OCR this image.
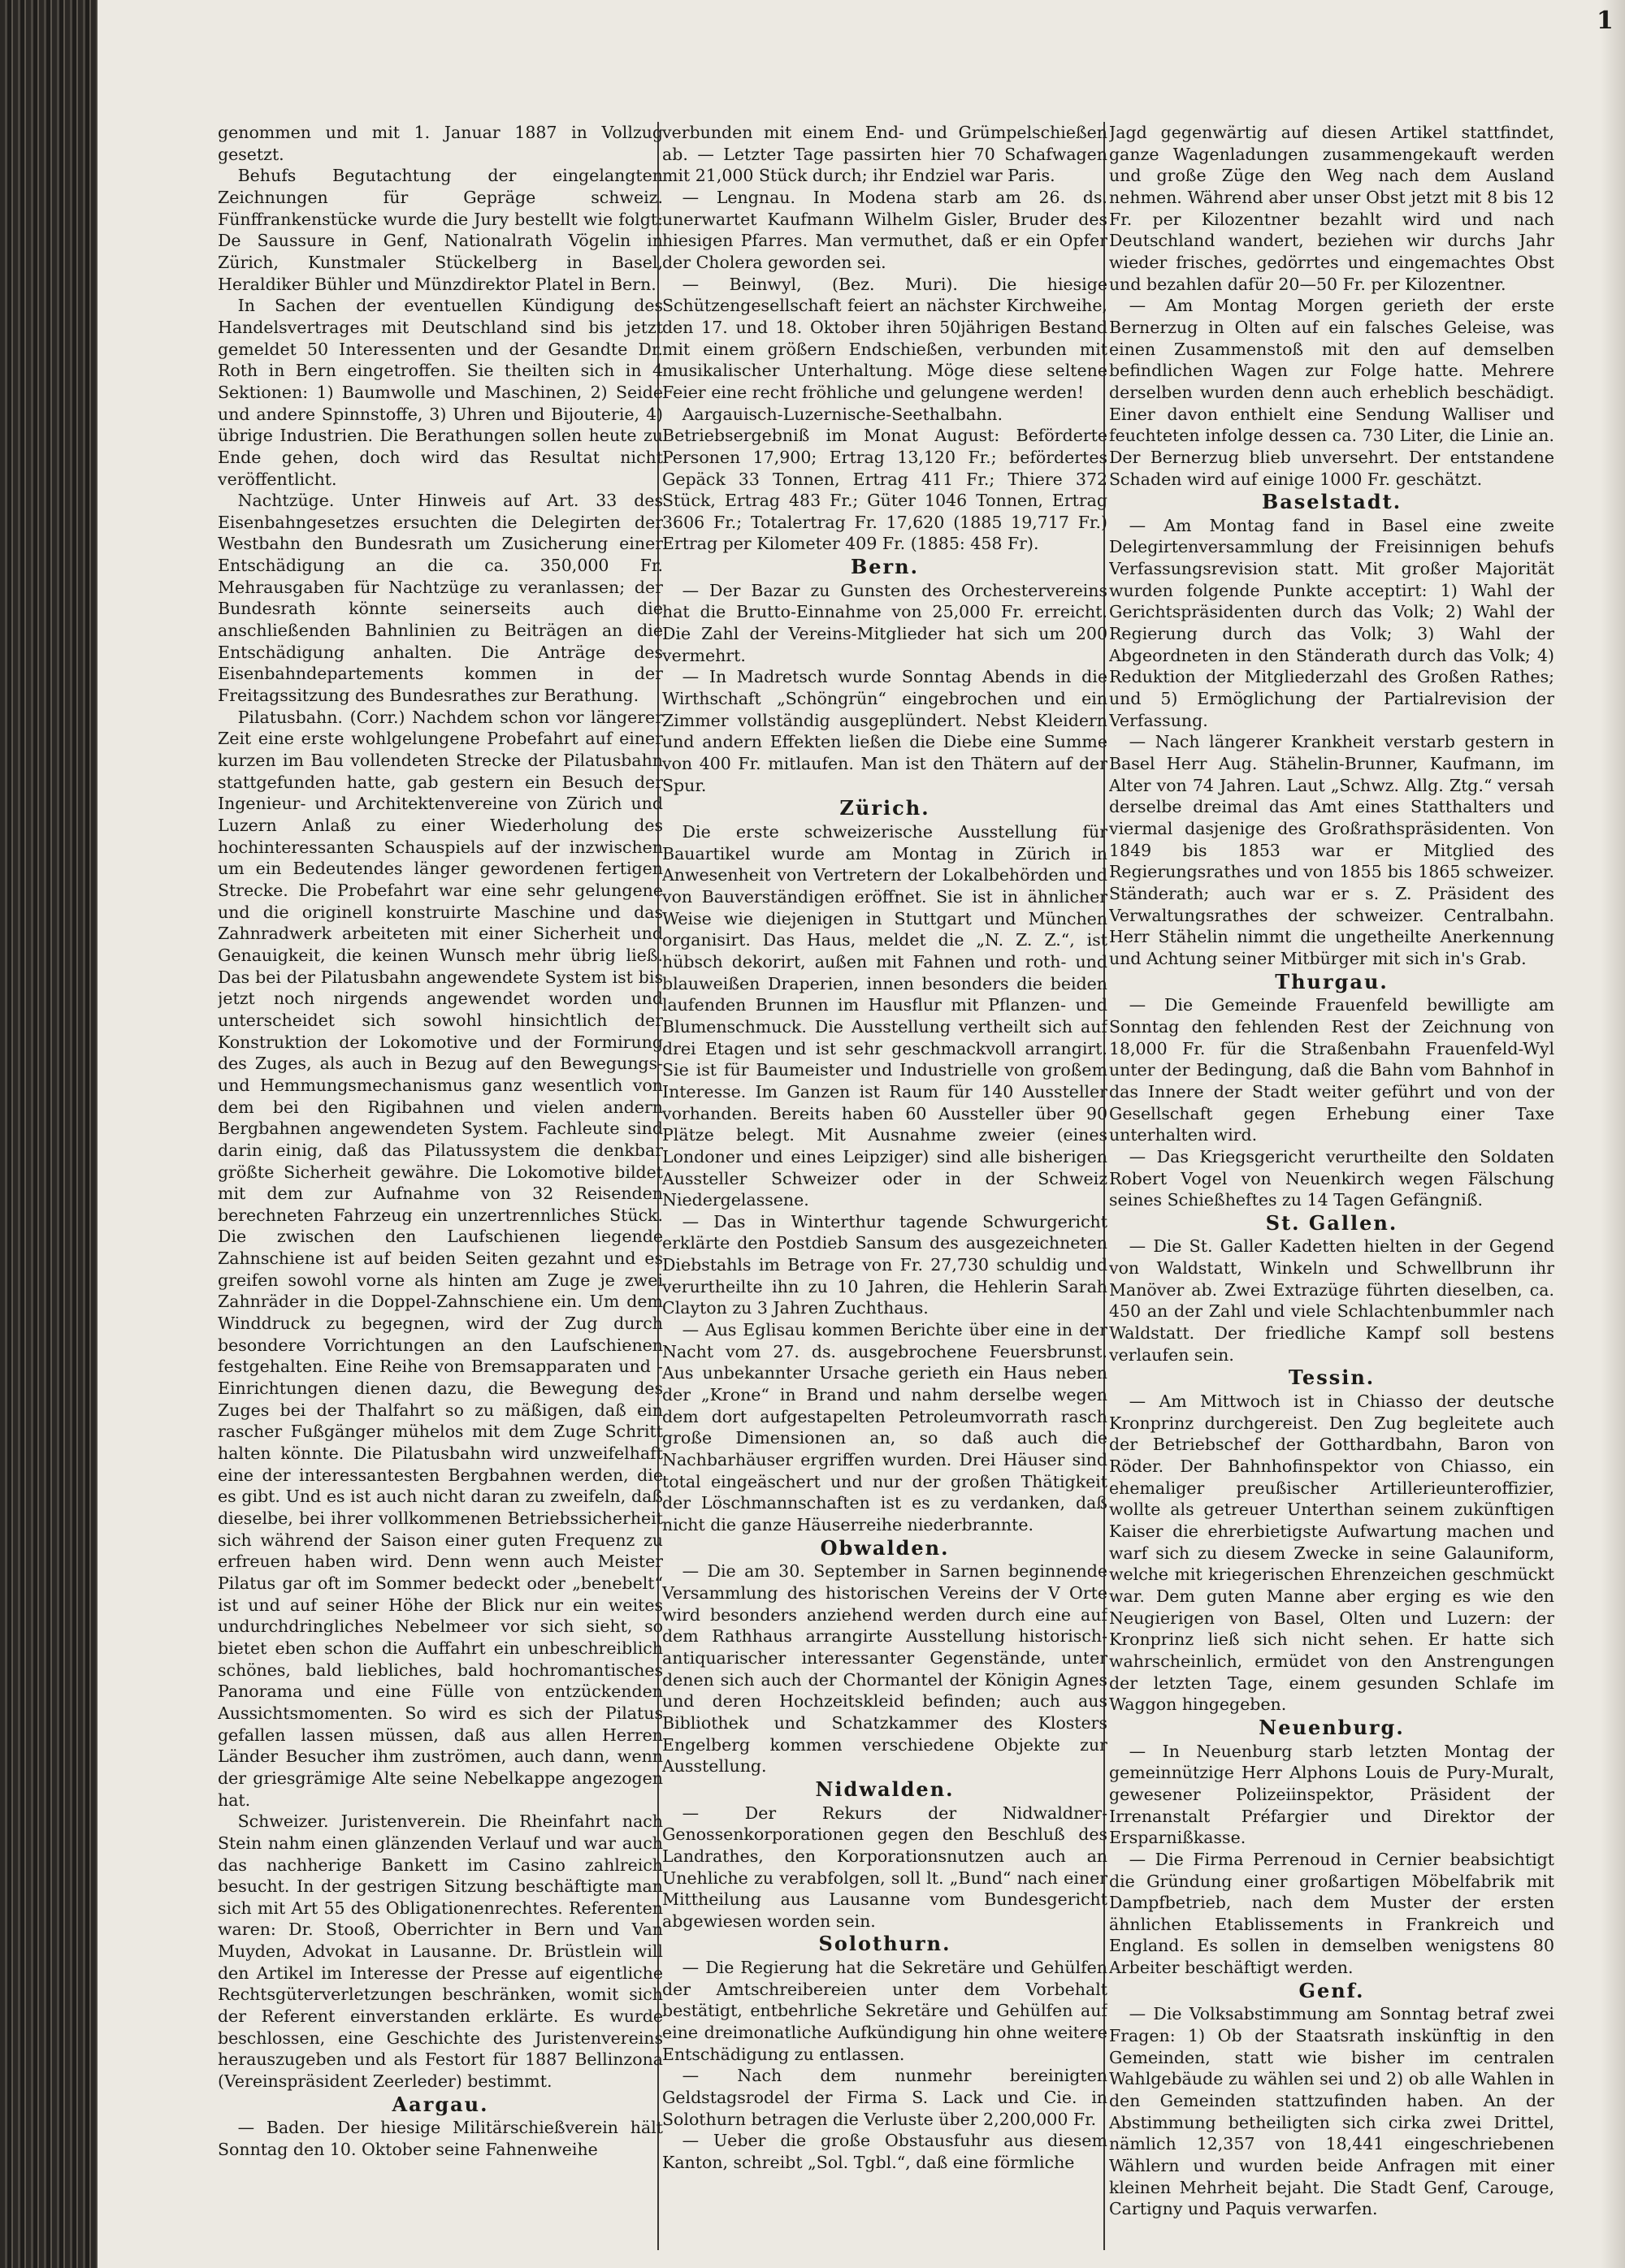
1

genommen und mit 1. Januar 1887 in Vollzug gesetzt.

Behufs Begutachtung der eingelangten Zeichnungen für Gepräge schweiz. Fünffrankenstücke wurde die Jury bestellt wie folgt: De Saussure in Genf, Nationalrath Vögelin in Zürich, Kunstmaler Stückelberg in Basel, Heraldiker Bühler und Münzdirektor Platel in Bern.

In Sachen der eventuellen Kündigung des Handelsvertrages mit Deutschland sind bis jetzt gemeldet 50 Interessenten und der Gesandte Dr. Roth in Bern eingetroffen. Sie theilten sich in 4 Sektionen: 1) Baumwolle und Maschinen, 2) Seide und andere Spinnstoffe, 3) Uhren und Bijouterie, 4) übrige Industrien. Die Berathungen sollen heute zu Ende gehen, doch wird das Resultat nicht veröffentlicht.

Nachtzüge. Unter Hinweis auf Art. 33 des Eisenbahngesetzes ersuchten die Delegirten der Westbahn den Bundesrath um Zusicherung einer Entschädigung an die ca. 350,000 Fr. Mehrausgaben für Nachtzüge zu veranlassen; der Bundesrath könnte seinerseits auch die anschließenden Bahnlinien zu Beiträgen an die Entschädigung anhalten. Die Anträge des Eisenbahndepartements kommen in der Freitagssitzung des Bundesrathes zur Berathung.

Pilatusbahn. (Corr.) Nachdem schon vor längerer Zeit eine erste wohlgelungene Probefahrt auf einer kurzen im Bau vollendeten Strecke der Pilatusbahn stattgefunden hatte, gab gestern ein Besuch der Ingenieur- und Architektenvereine von Zürich und Luzern Anlaß zu einer Wiederholung des hochinteressanten Schauspiels auf der inzwischen um ein Bedeutendes länger gewordenen fertigen Strecke. Die Probefahrt war eine sehr gelungene und die originell konstruirte Maschine und das Zahnradwerk arbeiteten mit einer Sicherheit und Genauigkeit, die keinen Wunsch mehr übrig ließ. Das bei der Pilatusbahn angewendete System ist bis jetzt noch nirgends angewendet worden und unterscheidet sich sowohl hinsichtlich der Konstruktion der Lokomotive und der Formirung des Zuges, als auch in Bezug auf den Bewegungs- und Hemmungsmechanismus ganz wesentlich von dem bei den Rigibahnen und vielen andern Bergbahnen angewendeten System. Fachleute sind darin einig, daß das Pilatussystem die denkbar größte Sicherheit gewähre. Die Lokomotive bildet mit dem zur Aufnahme von 32 Reisenden berechneten Fahrzeug ein unzertrennliches Stück. Die zwischen den Laufschienen liegende Zahnschiene ist auf beiden Seiten gezahnt und es greifen sowohl vorne als hinten am Zuge je zwei Zahnräder in die Doppel-Zahnschiene ein. Um dem Winddruck zu begegnen, wird der Zug durch besondere Vorrichtungen an den Laufschienen festgehalten. Eine Reihe von Bremsapparaten und -Einrichtungen dienen dazu, die Bewegung des Zuges bei der Thalfahrt so zu mäßigen, daß ein rascher Fußgänger mühelos mit dem Zuge Schritt halten könnte. Die Pilatusbahn wird unzweifelhaft eine der interessantesten Bergbahnen werden, die es gibt. Und es ist auch nicht daran zu zweifeln, daß dieselbe, bei ihrer vollkommenen Betriebssicherheit sich während der Saison einer guten Frequenz zu erfreuen haben wird. Denn wenn auch Meister Pilatus gar oft im Sommer bedeckt oder „benebelt“ ist und auf seiner Höhe der Blick nur ein weites undurchdringliches Nebelmeer vor sich sieht, so bietet eben schon die Auffahrt ein unbeschreiblich schönes, bald liebliches, bald hochromantisches Panorama und eine Fülle von entzückenden Aussichtsmomenten. So wird es sich der Pilatus gefallen lassen müssen, daß aus allen Herren Länder Besucher ihm zuströmen, auch dann, wenn der griesgrämige Alte seine Nebelkappe angezogen hat.

Schweizer. Juristenverein. Die Rheinfahrt nach Stein nahm einen glänzenden Verlauf und war auch das nachherige Bankett im Casino zahlreich besucht. In der gestrigen Sitzung beschäftigte man sich mit Art 55 des Obligationenrechtes. Referenten waren: Dr. Stooß, Oberrichter in Bern und Van Muyden, Advokat in Lausanne. Dr. Brüstlein will den Artikel im Interesse der Presse auf eigentliche Rechtsgüterverletzungen beschränken, womit sich der Referent einverstanden erklärte. Es wurde beschlossen, eine Geschichte des Juristenvereins herauszugeben und als Festort für 1887 Bellinzona (Vereinspräsident Zeerleder) bestimmt.

Aargau.

— Baden. Der hiesige Militärschießverein hält Sonntag den 10. Oktober seine Fahnenweihe

verbunden mit einem End- und Grümpelschießen ab. — Letzter Tage passirten hier 70 Schafwagen mit 21,000 Stück durch; ihr Endziel war Paris.

— Lengnau. In Modena starb am 26. ds. unerwartet Kaufmann Wilhelm Gisler, Bruder des hiesigen Pfarres. Man vermuthet, daß er ein Opfer der Cholera geworden sei.

— Beinwyl, (Bez. Muri). Die hiesige Schützengesellschaft feiert an nächster Kirchweihe, den 17. und 18. Oktober ihren 50jährigen Bestand mit einem größern Endschießen, verbunden mit musikalischer Unterhaltung. Möge diese seltene Feier eine recht fröhliche und gelungene werden!

Aargauisch-Luzernische-Seethalbahn. Betriebsergebniß im Monat August: Beförderte Personen 17,900; Ertrag 13,120 Fr.; befördertes Gepäck 33 Tonnen, Ertrag 411 Fr.; Thiere 372 Stück, Ertrag 483 Fr.; Güter 1046 Tonnen, Ertrag 3606 Fr.; Totalertrag Fr. 17,620 (1885 19,717 Fr.) Ertrag per Kilometer 409 Fr. (1885: 458 Fr).

Bern.

— Der Bazar zu Gunsten des Orchestervereins hat die Brutto-Einnahme von 25,000 Fr. erreicht. Die Zahl der Vereins-Mitglieder hat sich um 200 vermehrt.

— In Madretsch wurde Sonntag Abends in die Wirthschaft „Schöngrün“ eingebrochen und ein Zimmer vollständig ausgeplündert. Nebst Kleidern und andern Effekten ließen die Diebe eine Summe von 400 Fr. mitlaufen. Man ist den Thätern auf der Spur.

Zürich.

Die erste schweizerische Ausstellung für Bauartikel wurde am Montag in Zürich in Anwesenheit von Vertretern der Lokalbehörden und von Bauverständigen eröffnet. Sie ist in ähnlicher Weise wie diejenigen in Stuttgart und München organisirt. Das Haus, meldet die „N. Z. Z.“, ist hübsch dekorirt, außen mit Fahnen und roth- und blauweißen Draperien, innen besonders die beiden laufenden Brunnen im Hausflur mit Pflanzen- und Blumenschmuck. Die Ausstellung vertheilt sich auf drei Etagen und ist sehr geschmackvoll arrangirt. Sie ist für Baumeister und Industrielle von großem Interesse. Im Ganzen ist Raum für 140 Aussteller vorhanden. Bereits haben 60 Aussteller über 90 Plätze belegt. Mit Ausnahme zweier (eines Londoner und eines Leipziger) sind alle bisherigen Aussteller Schweizer oder in der Schweiz Niedergelassene.

— Das in Winterthur tagende Schwurgericht erklärte den Postdieb Sansum des ausgezeichneten Diebstahls im Betrage von Fr. 27,730 schuldig und verurtheilte ihn zu 10 Jahren, die Hehlerin Sarah Clayton zu 3 Jahren Zuchthaus.

— Aus Eglisau kommen Berichte über eine in der Nacht vom 27. ds. ausgebrochene Feuersbrunst. Aus unbekannter Ursache gerieth ein Haus neben der „Krone“ in Brand und nahm derselbe wegen dem dort aufgestapelten Petroleumvorrath rasch große Dimensionen an, so daß auch die Nachbarhäuser ergriffen wurden. Drei Häuser sind total eingeäschert und nur der großen Thätigkeit der Löschmannschaften ist es zu verdanken, daß nicht die ganze Häuserreihe niederbrannte.

Obwalden.

— Die am 30. September in Sarnen beginnende Versammlung des historischen Vereins der V Orte wird besonders anziehend werden durch eine auf dem Rathhaus arrangirte Ausstellung historisch-antiquarischer interessanter Gegenstände, unter denen sich auch der Chormantel der Königin Agnes und deren Hochzeitskleid befinden; auch aus Bibliothek und Schatzkammer des Klosters Engelberg kommen verschiedene Objekte zur Ausstellung.

Nidwalden.

— Der Rekurs der Nidwaldner-Genossenkorporationen gegen den Beschluß des Landrathes, den Korporationsnutzen auch an Unehliche zu verabfolgen, soll lt. „Bund“ nach einer Mittheilung aus Lausanne vom Bundesgericht abgewiesen worden sein.

Solothurn.

— Die Regierung hat die Sekretäre und Gehülfen der Amtschreibereien unter dem Vorbehalt bestätigt, entbehrliche Sekretäre und Gehülfen auf eine dreimonatliche Aufkündigung hin ohne weitere Entschädigung zu entlassen.

— Nach dem nunmehr bereinigten Geldstagsrodel der Firma S. Lack und Cie. in Solothurn betragen die Verluste über 2,200,000 Fr.

— Ueber die große Obstausfuhr aus diesem Kanton, schreibt „Sol. Tgbl.“, daß eine förmliche

Jagd gegenwärtig auf diesen Artikel stattfindet, ganze Wagenladungen zusammengekauft werden und große Züge den Weg nach dem Ausland nehmen. Während aber unser Obst jetzt mit 8 bis 12 Fr. per Kilozentner bezahlt wird und nach Deutschland wandert, beziehen wir durchs Jahr wieder frisches, gedörrtes und eingemachtes Obst und bezahlen dafür 20—50 Fr. per Kilozentner.

— Am Montag Morgen gerieth der erste Bernerzug in Olten auf ein falsches Geleise, was einen Zusammenstoß mit den auf demselben befindlichen Wagen zur Folge hatte. Mehrere derselben wurden denn auch erheblich beschädigt. Einer davon enthielt eine Sendung Walliser und feuchteten infolge dessen ca. 730 Liter, die Linie an. Der Bernerzug blieb unversehrt. Der entstandene Schaden wird auf einige 1000 Fr. geschätzt.

Baselstadt.

— Am Montag fand in Basel eine zweite Delegirtenversammlung der Freisinnigen behufs Verfassungsrevision statt. Mit großer Majorität wurden folgende Punkte acceptirt: 1) Wahl der Gerichtspräsidenten durch das Volk; 2) Wahl der Regierung durch das Volk; 3) Wahl der Abgeordneten in den Ständerath durch das Volk; 4) Reduktion der Mitgliederzahl des Großen Rathes; und 5) Ermöglichung der Partialrevision der Verfassung.

— Nach längerer Krankheit verstarb gestern in Basel Herr Aug. Stähelin-Brunner, Kaufmann, im Alter von 74 Jahren. Laut „Schwz. Allg. Ztg.“ versah derselbe dreimal das Amt eines Statthalters und viermal dasjenige des Großrathspräsidenten. Von 1849 bis 1853 war er Mitglied des Regierungsrathes und von 1855 bis 1865 schweizer. Ständerath; auch war er s. Z. Präsident des Verwaltungsrathes der schweizer. Centralbahn. Herr Stähelin nimmt die ungetheilte Anerkennung und Achtung seiner Mitbürger mit sich in's Grab.

Thurgau.

— Die Gemeinde Frauenfeld bewilligte am Sonntag den fehlenden Rest der Zeichnung von 18,000 Fr. für die Straßenbahn Frauenfeld-Wyl unter der Bedingung, daß die Bahn vom Bahnhof in das Innere der Stadt weiter geführt und von der Gesellschaft gegen Erhebung einer Taxe unterhalten wird.

— Das Kriegsgericht verurtheilte den Soldaten Robert Vogel von Neuenkirch wegen Fälschung seines Schießheftes zu 14 Tagen Gefängniß.

St. Gallen.

— Die St. Galler Kadetten hielten in der Gegend von Waldstatt, Winkeln und Schwellbrunn ihr Manöver ab. Zwei Extrazüge führten dieselben, ca. 450 an der Zahl und viele Schlachtenbummler nach Waldstatt. Der friedliche Kampf soll bestens verlaufen sein.

Tessin.

— Am Mittwoch ist in Chiasso der deutsche Kronprinz durchgereist. Den Zug begleitete auch der Betriebschef der Gotthardbahn, Baron von Röder. Der Bahnhofinspektor von Chiasso, ein ehemaliger preußischer Artillerieunteroffizier, wollte als getreuer Unterthan seinem zukünftigen Kaiser die ehrerbietigste Aufwartung machen und warf sich zu diesem Zwecke in seine Galauniform, welche mit kriegerischen Ehrenzeichen geschmückt war. Dem guten Manne aber erging es wie den Neugierigen von Basel, Olten und Luzern: der Kronprinz ließ sich nicht sehen. Er hatte sich wahrscheinlich, ermüdet von den Anstrengungen der letzten Tage, einem gesunden Schlafe im Waggon hingegeben.

Neuenburg.

— In Neuenburg starb letzten Montag der gemeinnützige Herr Alphons Louis de Pury-Muralt, gewesener Polizeiinspektor, Präsident der Irrenanstalt Préfargier und Direktor der Ersparnißkasse.

— Die Firma Perrenoud in Cernier beabsichtigt die Gründung einer großartigen Möbelfabrik mit Dampfbetrieb, nach dem Muster der ersten ähnlichen Etablissements in Frankreich und England. Es sollen in demselben wenigstens 80 Arbeiter beschäftigt werden.

Genf.

— Die Volksabstimmung am Sonntag betraf zwei Fragen: 1) Ob der Staatsrath inskünftig in den Gemeinden, statt wie bisher im centralen Wahlgebäude zu wählen sei und 2) ob alle Wahlen in den Gemeinden stattzufinden haben. An der Abstimmung betheiligten sich cirka zwei Drittel, nämlich 12,357 von 18,441 eingeschriebenen Wählern und wurden beide Anfragen mit einer kleinen Mehrheit bejaht. Die Stadt Genf, Carouge, Cartigny und Paquis verwarfen.
